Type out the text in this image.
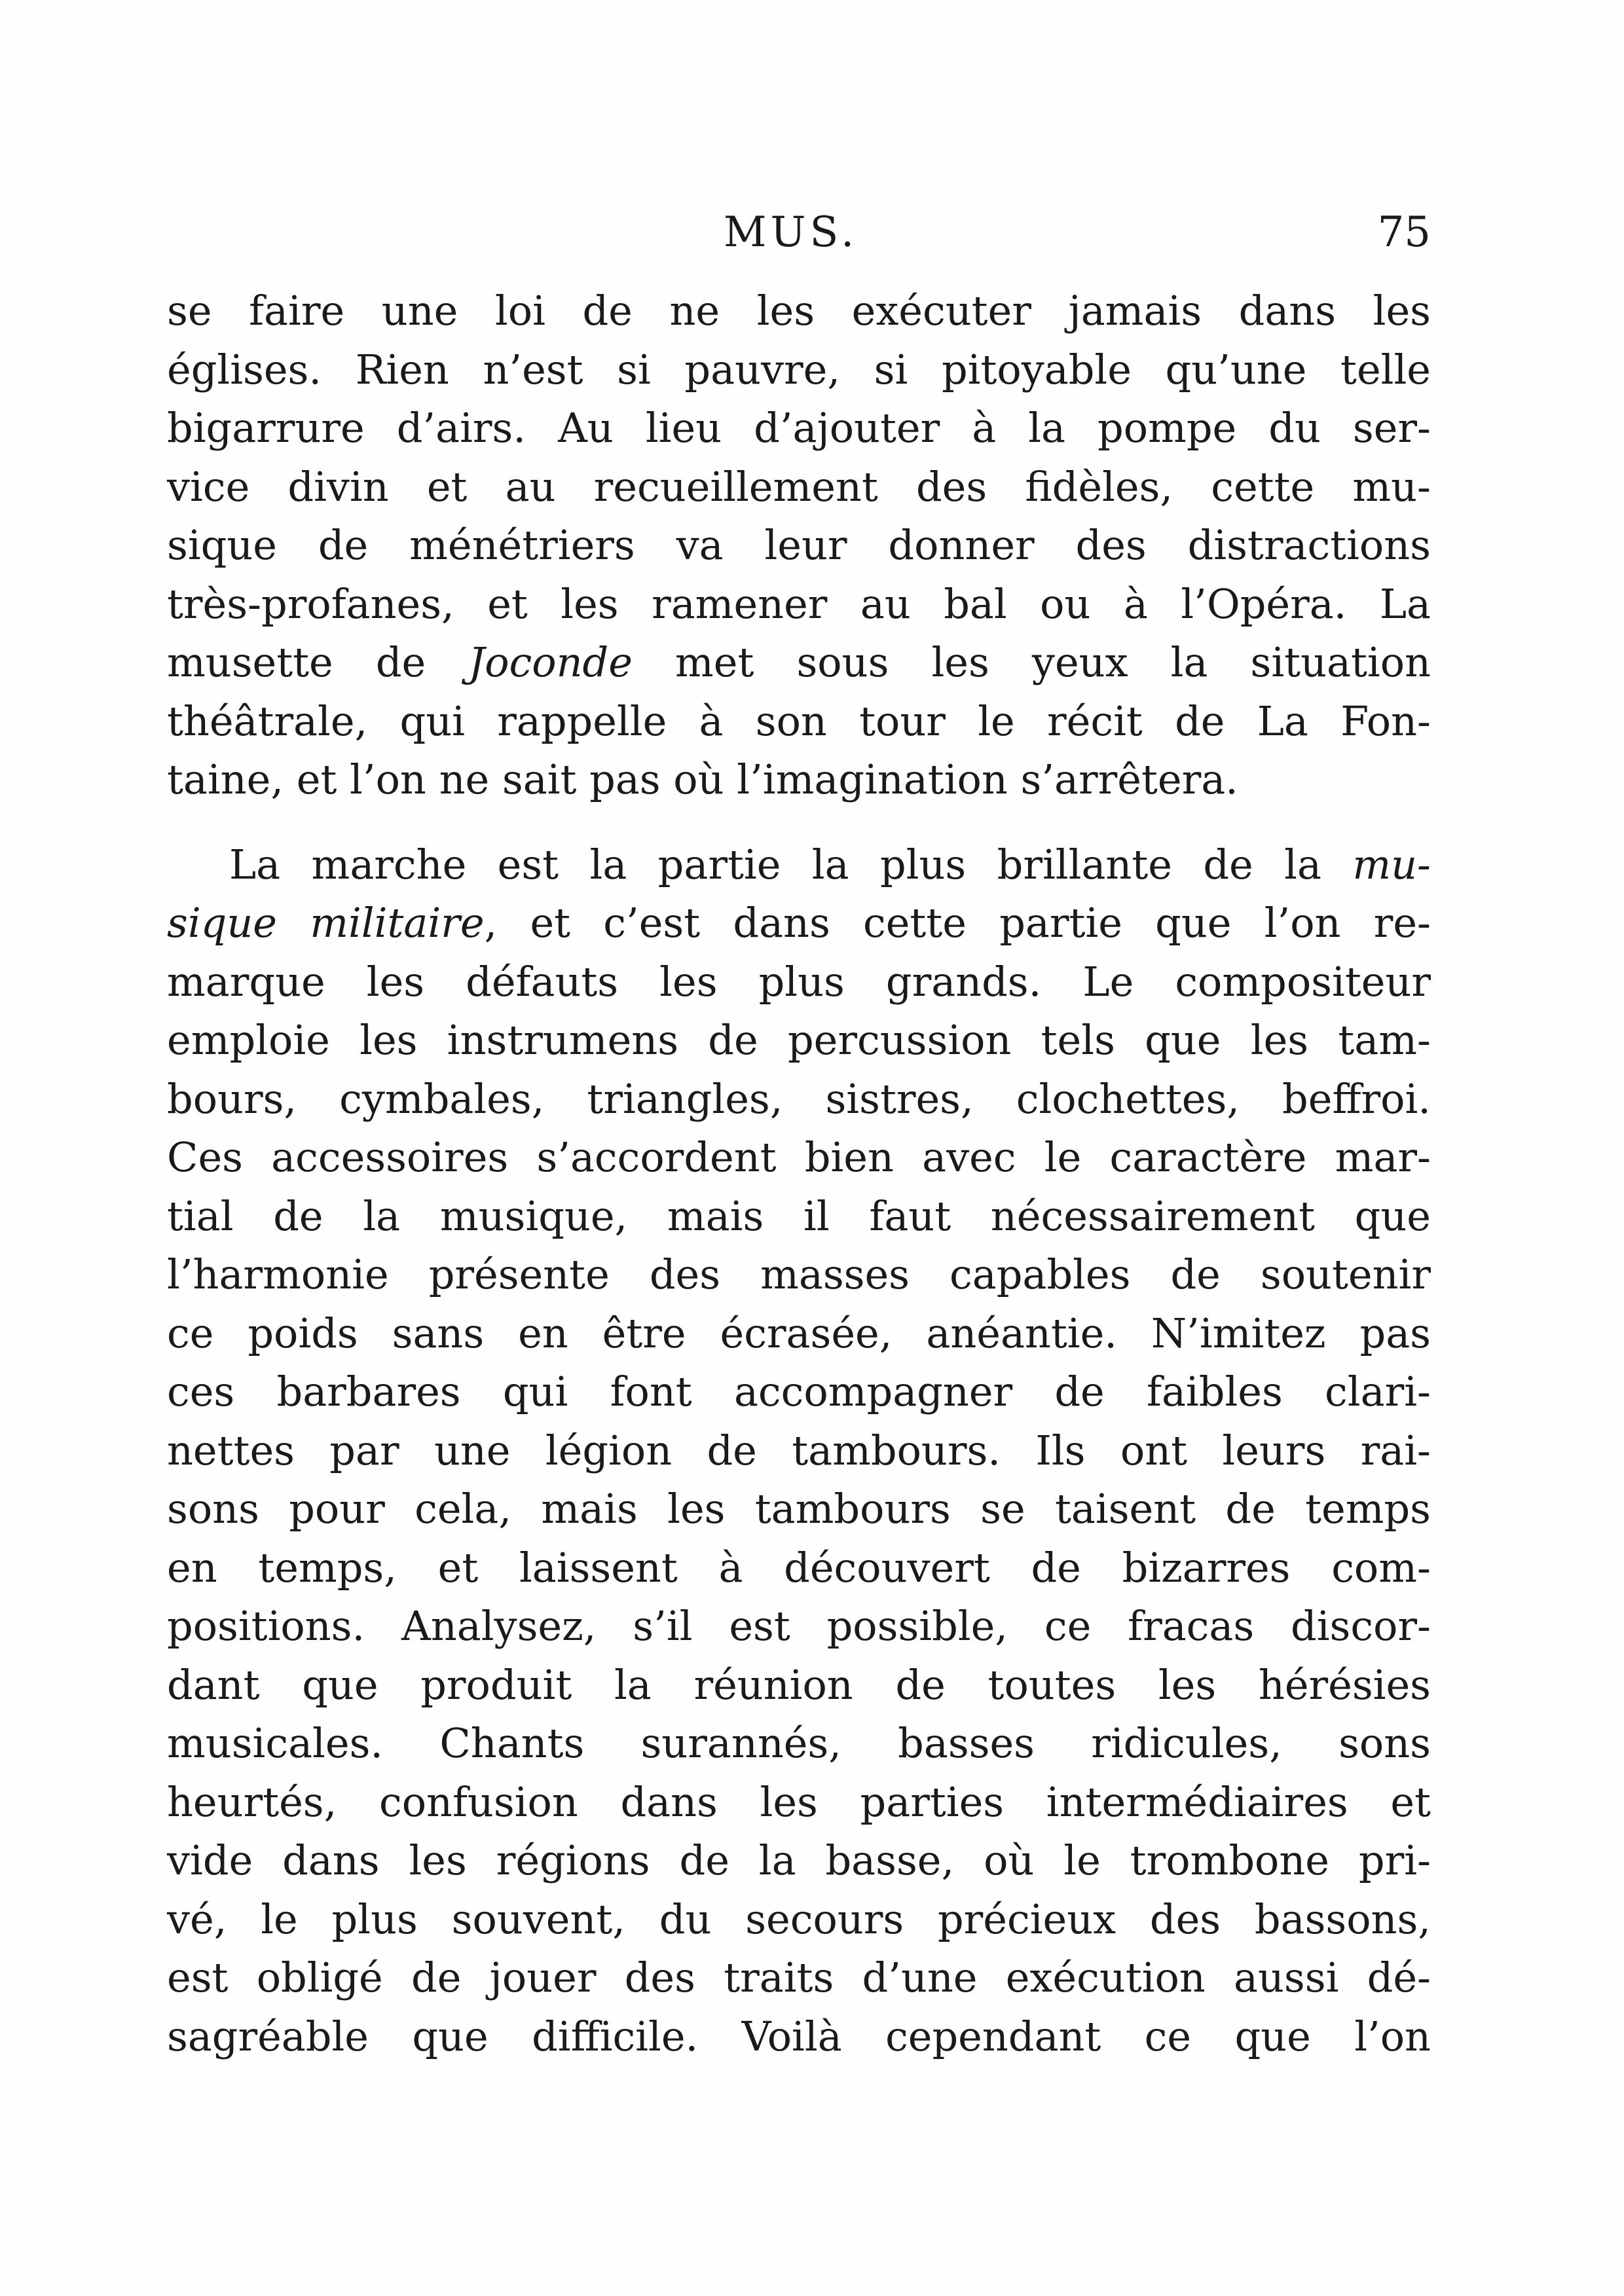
MUS.	75
se faire une loi de ne les exécuter jamais dans les
églises. Rien n’est si pauvre, si pitoyable qu’une telle
bigarrure d’airs. Au lieu d’ajouter à la pompe du ser-
vice divin et au recueillement des fidèles, cette mu-
sique de ménétriers va leur donner des distractions
très-profanes, et les ramener au bal ou à l’Opéra. La
musette de Joconde met sous les yeux la situation
théâtrale, qui rappelle à son tour le récit de La Fon-
taine, et l’on ne sait pas où l’imagination s’arrêtera.
La marche est la partie la plus brillante de la mu-
sique militaire, et c’est dans cette partie que l’on re-
marque les défauts les plus grands. Le compositeur
emploie les instrumens de percussion tels que les tam-
bours, cymbales, triangles, sistres, clochettes, beffroi.
Ces accessoires s’accordent bien avec le caractère mar-
tial de la musique, mais il faut nécessairement que
l’harmonie présente des masses capables de soutenir
ce poids sans en être écrasée, anéantie. N’imitez pas
ces barbares qui font accompagner de faibles clari-
nettes par une légion de tambours. Ils ont leurs rai-
sons pour cela, mais les tambours se taisent de temps
en temps, et laissent à découvert de bizarres com-
positions. Analysez, s’il est possible, ce fracas discor-
dant que produit la réunion de toutes les hérésies
musicales. Chants surannés, basses ridicules, sons
heurtés, confusion dans les parties intermédiaires et
vide dans les régions de la basse, où le trombone pri-
vé, le plus souvent, du secours précieux des bassons,
est obligé de jouer des traits d’une exécution aussi dé-
sagréable que difficile. Voilà cependant ce que l’on
